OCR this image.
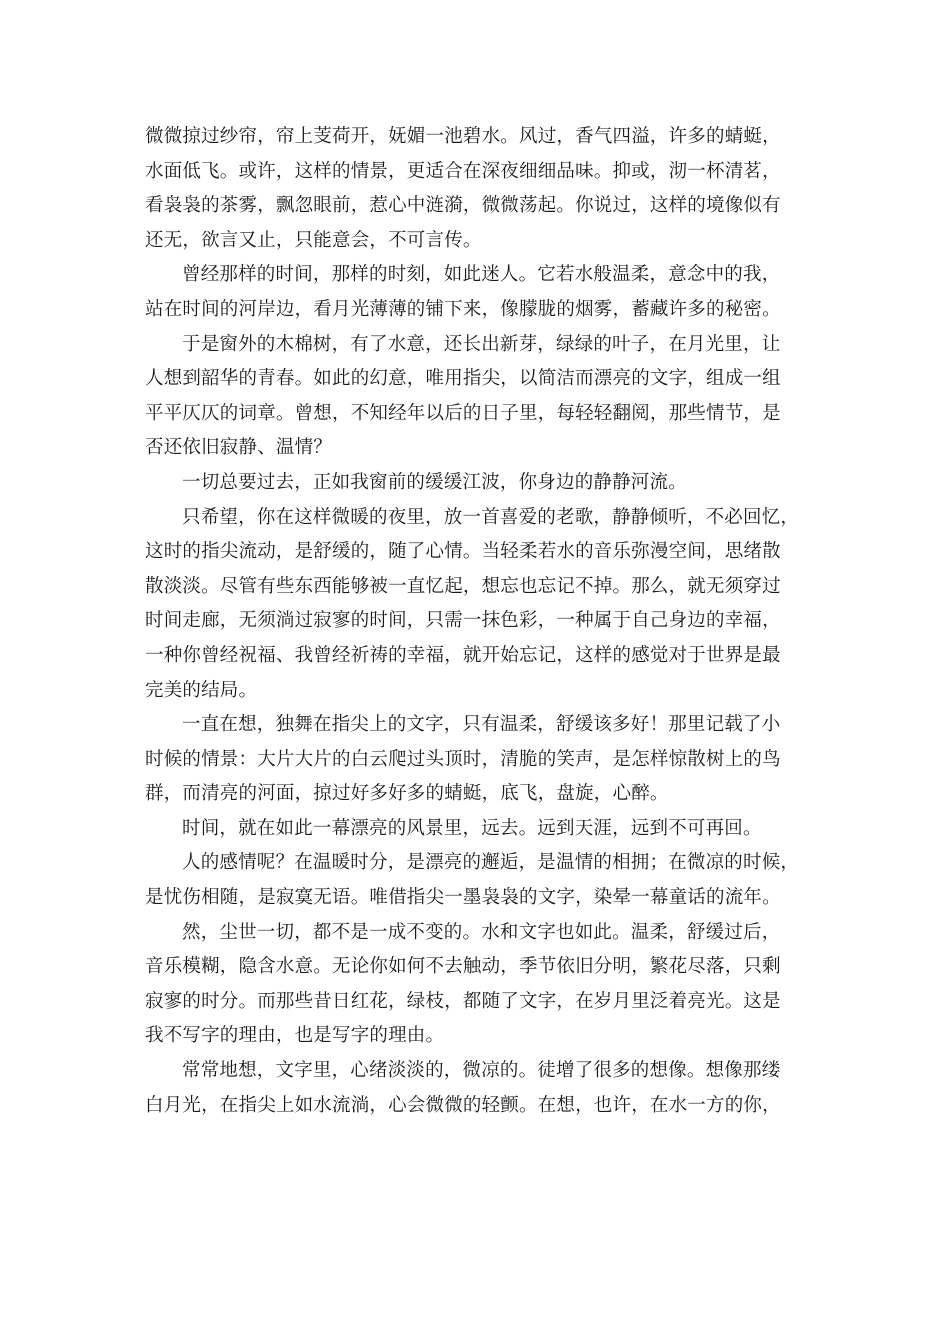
微微掠过纱帘，帘上芰荷开，妩媚一池碧水。风过，香气四溢，许多的蜻蜓，
水面低飞。或许，这样的情景，更适合在深夜细细品味。抑或，沏一杯清茗，
看袅袅的茶雾，飘忽眼前，惹心中涟漪，微微荡起。你说过，这样的境像似有
还无，欲言又止，只能意会，不可言传。
曾经那样的时间，那样的时刻，如此迷人。它若水般温柔，意念中的我，
站在时间的河岸边，看月光薄薄的铺下来，像朦胧的烟雾，蓄藏许多的秘密。
于是窗外的木棉树，有了水意，还长出新芽，绿绿的叶子，在月光里，让
人想到韶华的青春。如此的幻意，唯用指尖，以简洁而漂亮的文字，组成一组
平平仄仄的词章。曾想，不知经年以后的日子里，每轻轻翻阅，那些情节，是
否还依旧寂静、温情？
一切总要过去，正如我窗前的缓缓江波，你身边的静静河流。
只希望，你在这样微暖的夜里，放一首喜爱的老歌，静静倾听，不必回忆，
这时的指尖流动，是舒缓的，随了心情。当轻柔若水的音乐弥漫空间，思绪散
散淡淡。尽管有些东西能够被一直忆起，想忘也忘记不掉。那么，就无须穿过
时间走廊，无须淌过寂寥的时间，只需一抹色彩，一种属于自己身边的幸福，
一种你曾经祝福、我曾经祈祷的幸福，就开始忘记，这样的感觉对于世界是最
完美的结局。
一直在想，独舞在指尖上的文字，只有温柔，舒缓该多好！那里记载了小
时候的情景：大片大片的白云爬过头顶时，清脆的笑声，是怎样惊散树上的鸟
群，而清亮的河面，掠过好多好多的蜻蜓，底飞，盘旋，心醉。
时间，就在如此一幕漂亮的风景里，远去。远到天涯，远到不可再回。
人的感情呢？在温暖时分，是漂亮的邂逅，是温情的相拥；在微凉的时候，
是忧伤相随，是寂寞无语。唯借指尖一墨袅袅的文字，染晕一幕童话的流年。
然，尘世一切，都不是一成不变的。水和文字也如此。温柔，舒缓过后，
音乐模糊，隐含水意。无论你如何不去触动，季节依旧分明，繁花尽落，只剩
寂寥的时分。而那些昔日红花，绿枝，都随了文字，在岁月里泛着亮光。这是
我不写字的理由，也是写字的理由。
常常地想，文字里，心绪淡淡的，微凉的。徒增了很多的想像。想像那缕
白月光，在指尖上如水流淌，心会微微的轻颤。在想，也许，在水一方的你，
